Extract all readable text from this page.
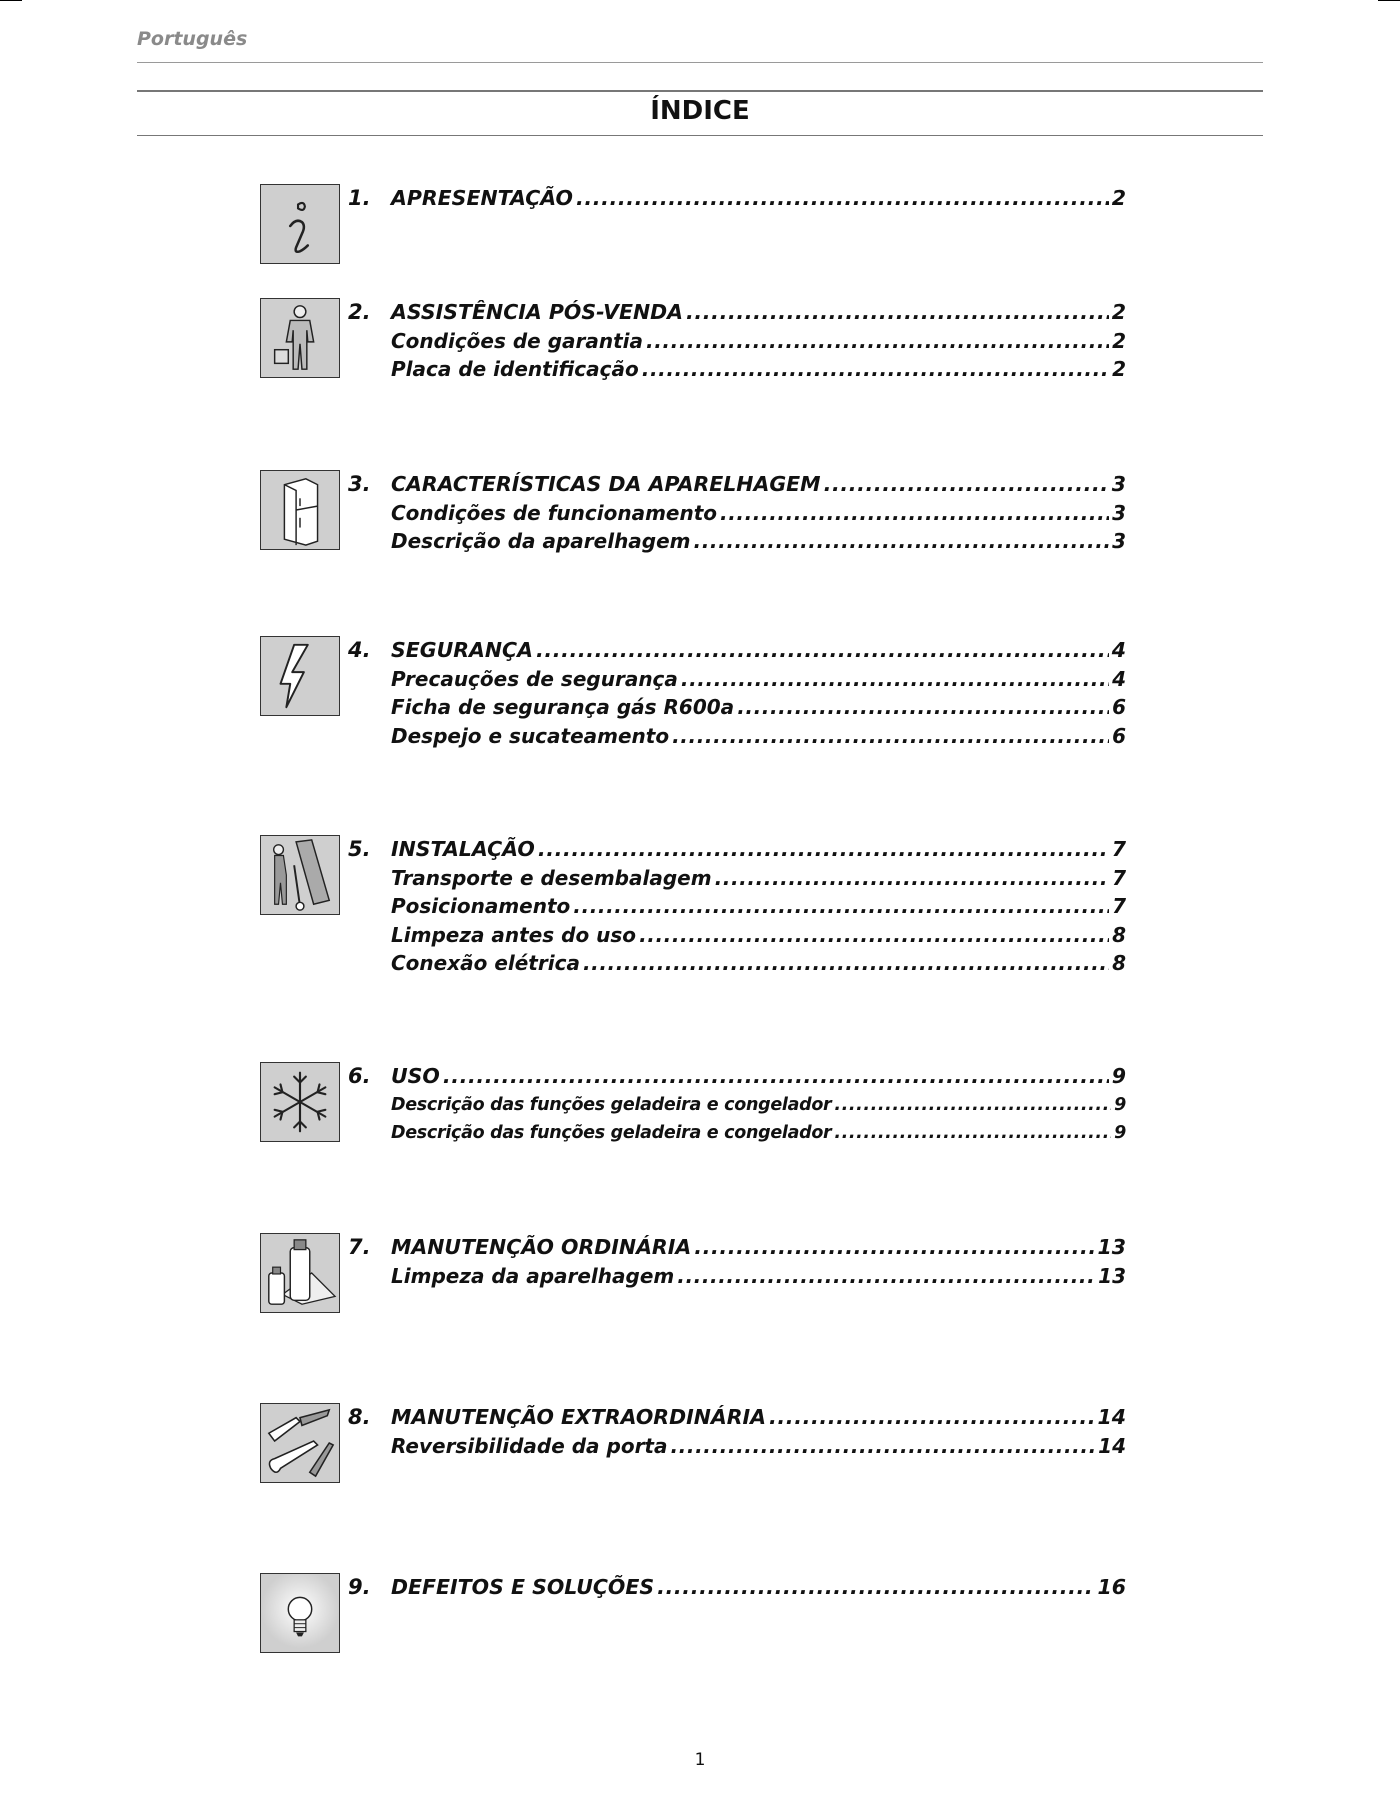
Português
ÍNDICE
1. APRESENTAÇÃO .....	2
2. ASSISTÊNCIA PÓS-VENDA .....	2
Condições de garantia .....	2
Placa de identificação .....	2
3. CARACTERÍSTICAS DA APARELHAGEM .....	3
Condições de funcionamento .....	3
Descrição da aparelhagem .....	3
4. SEGURANÇA .....	4
Precauções de segurança .....	4
Ficha de segurança gás R600a .....	6
Despejo e sucateamento .....	6
5. INSTALAÇÃO .....	7
Transporte e desembalagem .....	7
Posicionamento .....	7
Limpeza antes do uso .....	8
Conexão elétrica .....	8
6. USO .....	9
Descrição das funções geladeira e congelador .....	9
Descrição das funções geladeira e congelador .....	9
7. MANUTENÇÃO ORDINÁRIA .....	13
Limpeza da aparelhagem .....	13
8. MANUTENÇÃO EXTRAORDINÁRIA .....	14
Reversibilidade da porta .....	14
9. DEFEITOS E SOLUÇÕES .....	16
1
